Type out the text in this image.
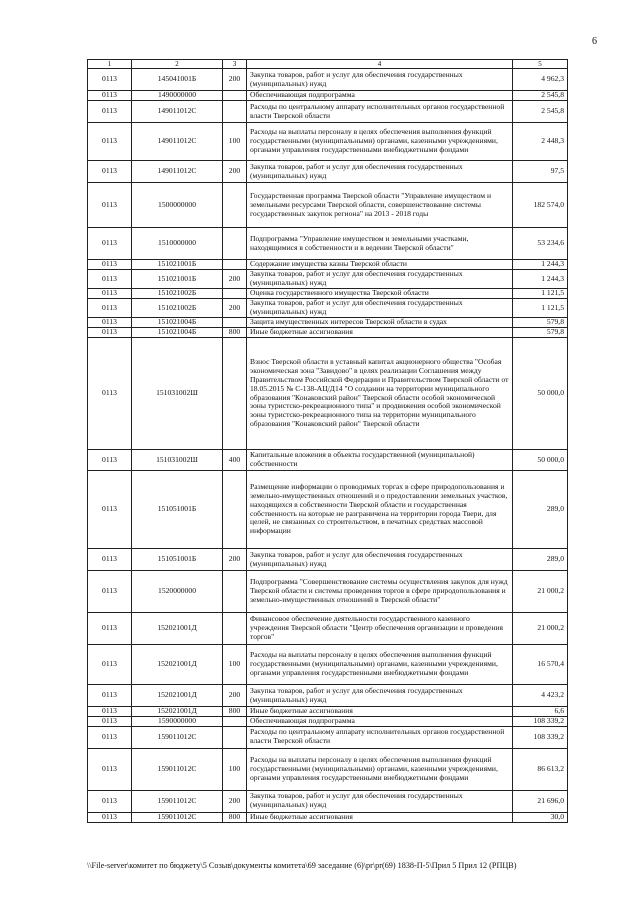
6
1	2	3	4	5
0113	145041001Б	200	Закупка товаров, работ и услуг для обеспечения государственных (муниципальных) нужд	4 962,3
0113	1490000000		Обеспечивающая подпрограмма	2 545,8
0113	149011012С		Расходы по центральному аппарату исполнительных органов государственной власти Тверской области	2 545,8
0113	149011012С	100	Расходы на выплаты персоналу в целях обеспечения выполнения функций государственными (муниципальными) органами, казенными учреждениями, органами управления государственными внебюджетными фондами	2 448,3
0113	149011012С	200	Закупка товаров, работ и услуг для обеспечения государственных (муниципальных) нужд	97,5
0113	1500000000		Государственная программа Тверской области "Управление имуществом и земельными ресурсами Тверской области, совершенствование системы государственных закупок региона" на 2013 - 2018 годы	182 574,0
0113	1510000000		Подпрограмма "Управление имуществом и земельными участками, находящимися в собственности и в ведении Тверской области"	53 234,6
0113	151021001Б		Содержание имущества казны Тверской области	1 244,3
0113	151021001Б	200	Закупка товаров, работ и услуг для обеспечения государственных (муниципальных) нужд	1 244,3
0113	151021002Б		Оценка государственного имущества Тверской области	1 121,5
0113	151021002Б	200	Закупка товаров, работ и услуг для обеспечения государственных (муниципальных) нужд	1 121,5
0113	151021004Б		Защита имущественных интересов Тверской области в судах	579,8
0113	151021004Б	800	Иные бюджетные ассигнования	579,8
0113	151031002Ш		Взнос Тверской области в уставный капитал акционерного общества "Особая экономическая зона "Завидово" в целях реализации Соглашения между Правительством Российской Федерации и Правительством Тверской области от 18.05.2015 № С-138-АЦ/Д14 "О создании на территории муниципального образования "Конаковский район" Тверской области особой экономической зоны туристско-рекреационного типа" и продвижения особой экономической зоны туристско-рекреационного типа на территории муниципального образования "Конаковский район" Тверской области	50 000,0
0113	151031002Ш	400	Капитальные вложения в объекты государственной (муниципальной) собственности	50 000,0
0113	151051001Б		Размещение информации о проводимых торгах в сфере природопользования и земельно-имущественных отношений и о предоставлении земельных участков, находящихся в собственности Тверской области и государственная собственность на которые не разграничена на территории города Твери, для целей, не связанных со строительством, в печатных средствах массовой информации	289,0
0113	151051001Б	200	Закупка товаров, работ и услуг для обеспечения государственных (муниципальных) нужд	289,0
0113	1520000000		Подпрограмма "Совершенствование системы осуществления закупок для нужд Тверской области и системы проведения торгов в сфере природопользования и земельно-имущественных отношений в Тверской области"	21 000,2
0113	152021001Д		Финансовое обеспечение деятельности государственного казенного учреждения Тверской области "Центр обеспечения организации и проведения торгов"	21 000,2
0113	152021001Д	100	Расходы на выплаты персоналу в целях обеспечения выполнения функций государственными (муниципальными) органами, казенными учреждениями, органами управления государственными внебюджетными фондами	16 570,4
0113	152021001Д	200	Закупка товаров, работ и услуг для обеспечения государственных (муниципальных) нужд	4 423,2
0113	152021001Д	800	Иные бюджетные ассигнования	6,6
0113	1590000000		Обеспечивающая подпрограмма	108 339,2
0113	159011012С		Расходы по центральному аппарату исполнительных органов государственной власти Тверской области	108 339,2
0113	159011012С	100	Расходы на выплаты персоналу в целях обеспечения выполнения функций государственными (муниципальными) органами, казенными учреждениями, органами управления государственными внебюджетными фондами	86 613,2
0113	159011012С	200	Закупка товаров, работ и услуг для обеспечения государственных (муниципальных) нужд	21 696,0
0113	159011012С	800	Иные бюджетные ассигнования	30,0
\\File-server\комитет по бюджету\5 Созыв\документы комитета\69 заседание (6)\pr\pr(69) 1838-П-5\Прил 5 Прил 12 (РПЦВ)
